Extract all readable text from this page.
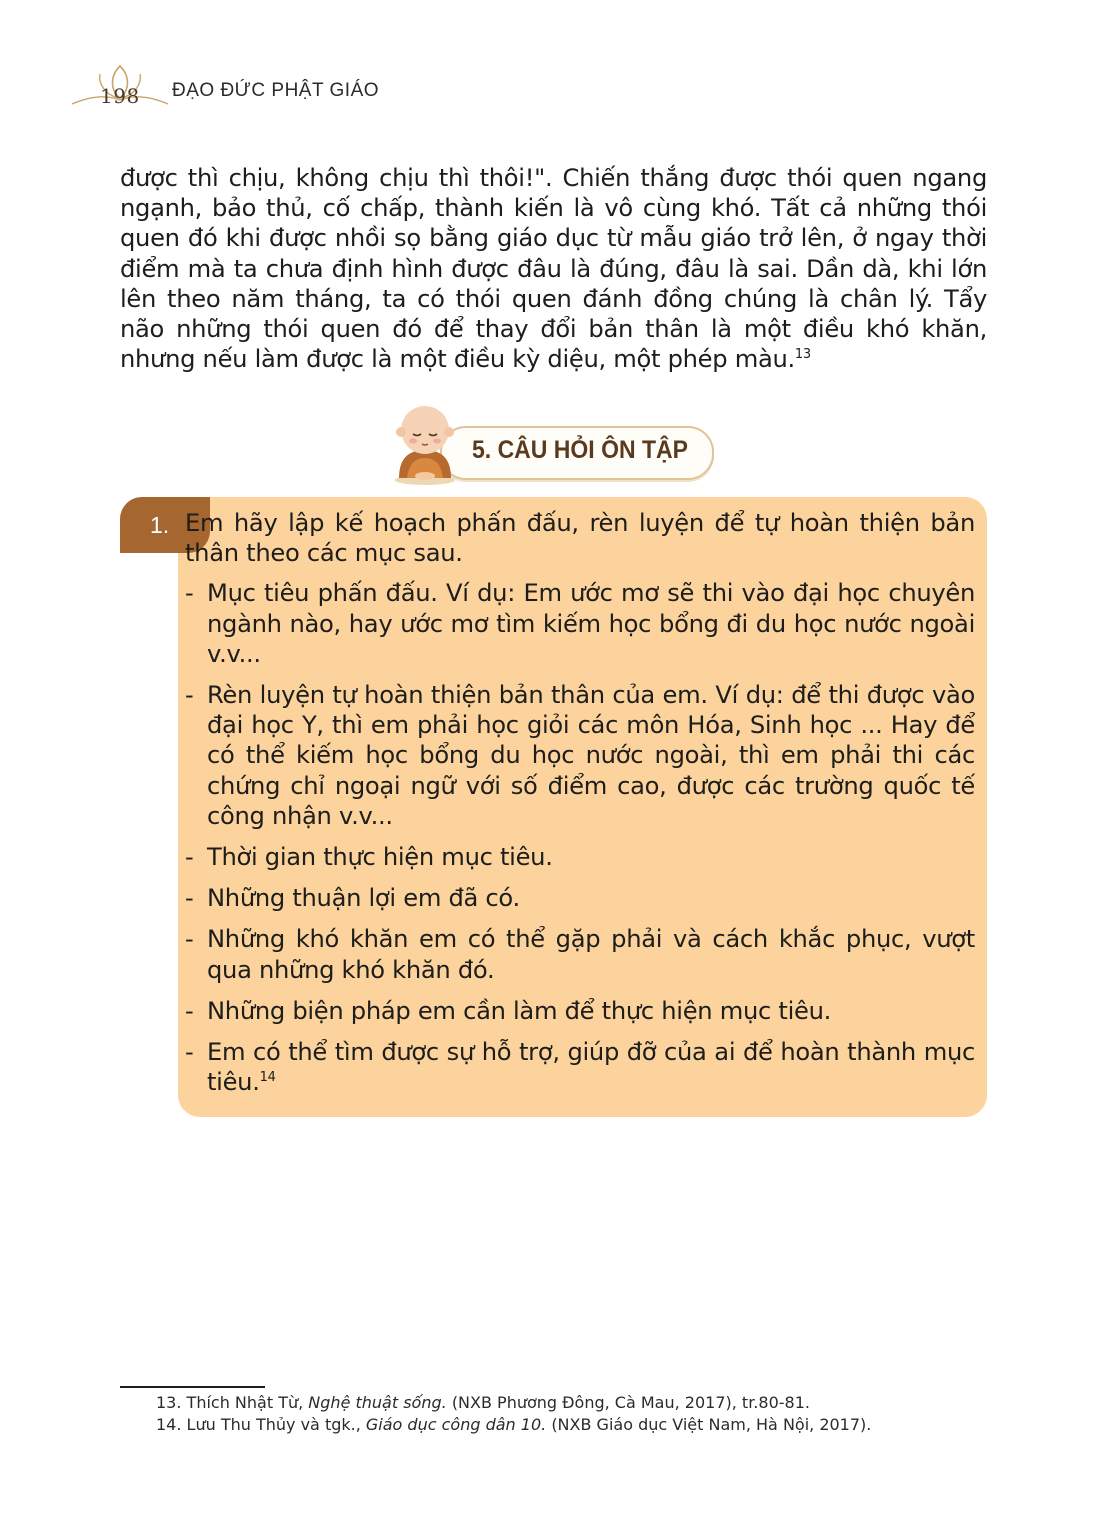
198 ĐẠO ĐỨC PHẬT GIÁO

được thì chịu, không chịu thì thôi!". Chiến thắng được thói quen ngang ngạnh, bảo thủ, cố chấp, thành kiến là vô cùng khó. Tất cả những thói quen đó khi được nhồi sọ bằng giáo dục từ mẫu giáo trở lên, ở ngay thời điểm mà ta chưa định hình được đâu là đúng, đâu là sai. Dần dà, khi lớn lên theo năm tháng, ta có thói quen đánh đồng chúng là chân lý. Tẩy não những thói quen đó để thay đổi bản thân là một điều khó khăn, nhưng nếu làm được là một điều kỳ diệu, một phép màu.$^{13}$

5. CÂU HỎI ÔN TẬP
1. Em hãy lập kế hoạch phấn đấu, rèn luyện để tự hoàn thiện bản thân theo các mục sau.

- Mục tiêu phấn đấu. Ví dụ: Em ước mơ sẽ thi vào đại học chuyên ngành nào, hay ước mơ tìm kiếm học bổng đi du học nước ngoài v.v...
- Rèn luyện tự hoàn thiện bản thân của em. Ví dụ: để thi được vào đại học Y, thì em phải học giỏi các môn Hóa, Sinh học ... Hay để có thể kiếm học bổng du học nước ngoài, thì em phải thi các chứng chỉ ngoại ngữ với số điểm cao, được các trường quốc tế công nhận v.v...
- Thời gian thực hiện mục tiêu.
- Những thuận lợi em đã có.
- Những khó khăn em có thể gặp phải và cách khắc phục, vượt qua những khó khăn đó.
- Những biện pháp em cần làm để thực hiện mục tiêu.
- Em có thể tìm được sự hỗ trợ, giúp đỡ của ai để hoàn thành mục tiêu.$^{14}$

13. Thích Nhật Từ, Nghệ thuật sống. (NXB Phương Đông, Cà Mau, 2017), tr.80-81.

14. Lưu Thu Thủy và tgk., Giáo dục công dân 10. (NXB Giáo dục Việt Nam, Hà Nội, 2017).
